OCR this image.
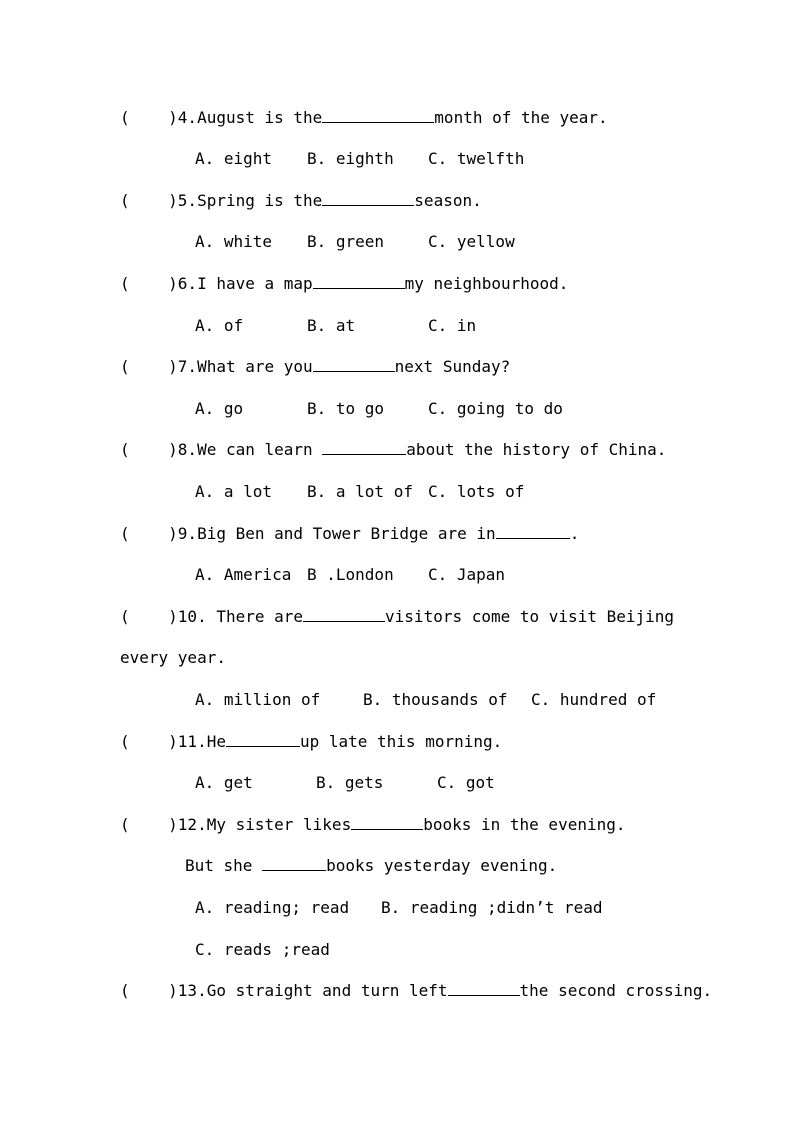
(    )4.August is the	month of the year.
A. eight B. eighth C. twelfth
(    )5.Spring is the	season.
A. white B. green	C. yellow
(    )6.I have a map	my neighbourhood.
A. of	B. at	C. in
(    )7.What are you	next Sunday?
A. go	B. to go	C. going to do
(    )8.We can learn	about the history of China.
A. a lot B. a lot of C. lots of
(    )9.Big Ben and Tower Bridge are in	.
A. America B .London C. Japan
(    )10. There are	visitors come to visit Beijing
every year.
A. million of	B. thousands of C. hundred of
(    )11.He	up late this morning.
A. get	B. gets	C. got
(    )12.My sister likes	books in the evening.
But she	books yesterday evening.
A. reading; read B. reading ;didn’t read
C. reads ;read
(    )13.Go straight and turn left	the second crossing.
